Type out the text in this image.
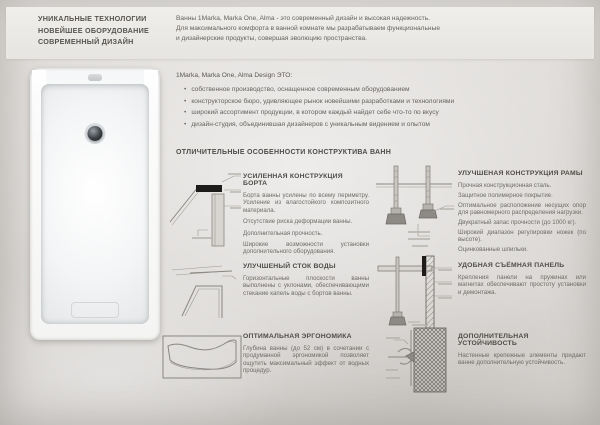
УНИКАЛЬНЫЕ ТЕХНОЛОГИИ
НОВЕЙШЕЕ ОБОРУДОВАНИЕ
СОВРЕМЕННЫЙ ДИЗАЙН
Ванны 1Marka, Marka One, Alma - это современный дизайн и высокая надежность.
Для максимального комфорта в ванной комнате мы разрабатываем функциональные
и дизайнерские продукты, совершая эволюцию пространства.
1Marka, Marka One, Alma Design ЭТО:
• собственное производство, оснащенное современным оборудованием
• конструкторское бюро, удивляющее рынок новейшими разработками и технологиями
• широкий ассортимент продукции, в котором каждый найдет себе что-то по вкусу
• дизайн-студия, объединившая дизайнеров с уникальным видением и опытом
ОТЛИЧИТЕЛЬНЫЕ ОСОБЕННОСТИ КОНСТРУКТИВА ВАНН
УСИЛЕННАЯ КОНСТРУКЦИЯ БОРТА

Борта ванны усилены по всему периметру. Усиление из влагостойкого композитного материала.

Отсутствие риска деформации ванны.

Дополнительная прочность.

Широкие возможности установки дополнительного оборудования.

УЛУЧШЕНЫЙ СТОК ВОДЫ

Горизонтальные плоскости ванны выполнены с уклонами, обеспечивающими стекание капель воды с бортов ванны.

ОПТИМАЛЬНАЯ ЭРГОНОМИКА

Глубина ванны (до 52 см) в сочетании с продуманной эргономикой позволяет ощутить максимальный эффект от водных процедур.

УЛУЧШЕНАЯ КОНСТРУКЦИЯ РАМЫ

Прочная конструкционная сталь.

Защитное полимерное покрытие.

Оптимальное расположение несущих опор для равномерного распределения нагрузки.

Двукратный запас прочности (до 1000 кг).

Широкий диапазон регулировки ножек (по высоте).

Оцинкованные шпильки.

УДОБНАЯ СЪЁМНАЯ ПАНЕЛЬ

Крепления панели на пружинах или магнитах обеспечивают простоту установки и демонтажа.

ДОПОЛНИТЕЛЬНАЯ УСТОЙЧИВОСТЬ

Настенные крепежные элементы придают ванне дополнительную устойчивость.
